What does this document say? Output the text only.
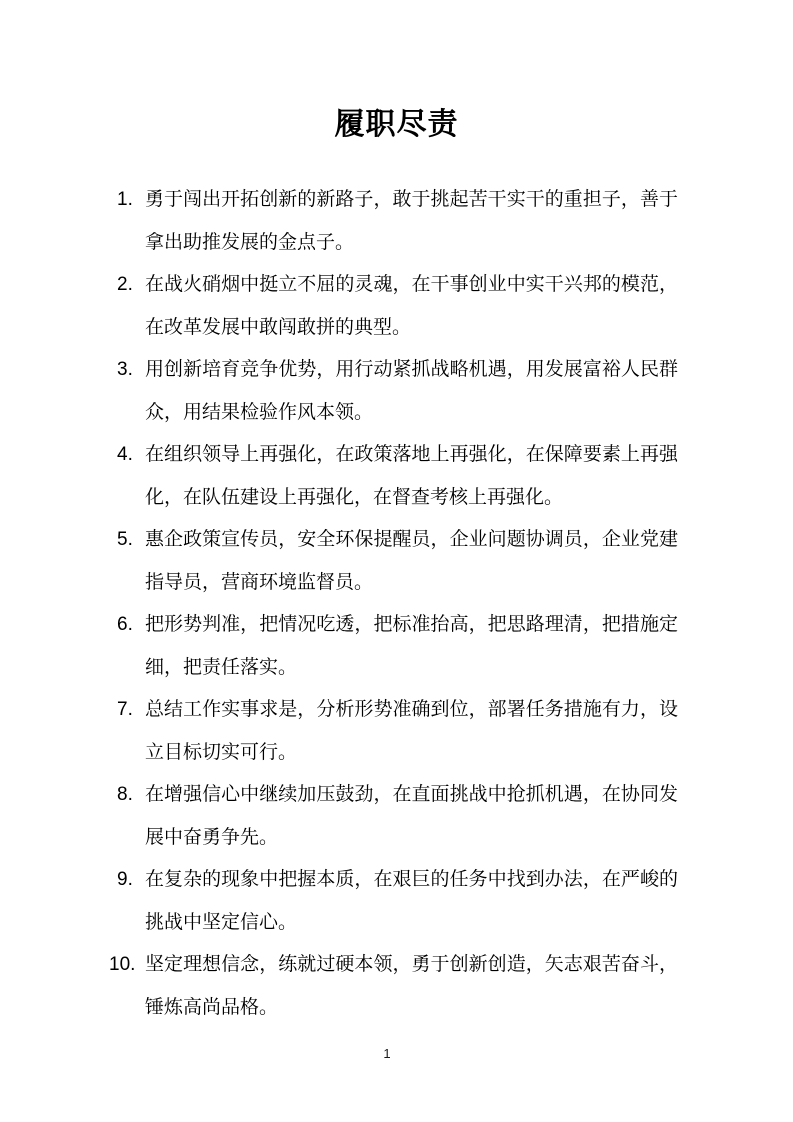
履职尽责
1. 勇于闯出开拓创新的新路子，敢于挑起苦干实干的重担子，善于
拿出助推发展的金点子。
2. 在战火硝烟中挺立不屈的灵魂，在干事创业中实干兴邦的模范，
在改革发展中敢闯敢拼的典型。
3. 用创新培育竞争优势，用行动紧抓战略机遇，用发展富裕人民群
众，用结果检验作风本领。
4. 在组织领导上再强化，在政策落地上再强化，在保障要素上再强
化，在队伍建设上再强化，在督查考核上再强化。
5. 惠企政策宣传员，安全环保提醒员，企业问题协调员，企业党建
指导员，营商环境监督员。
6. 把形势判准，把情况吃透，把标准抬高，把思路理清，把措施定
细，把责任落实。
7. 总结工作实事求是，分析形势准确到位，部署任务措施有力，设
立目标切实可行。
8. 在增强信心中继续加压鼓劲，在直面挑战中抢抓机遇，在协同发
展中奋勇争先。
9. 在复杂的现象中把握本质，在艰巨的任务中找到办法，在严峻的
挑战中坚定信心。
10. 坚定理想信念，练就过硬本领，勇于创新创造，矢志艰苦奋斗，
锤炼高尚品格。
1
